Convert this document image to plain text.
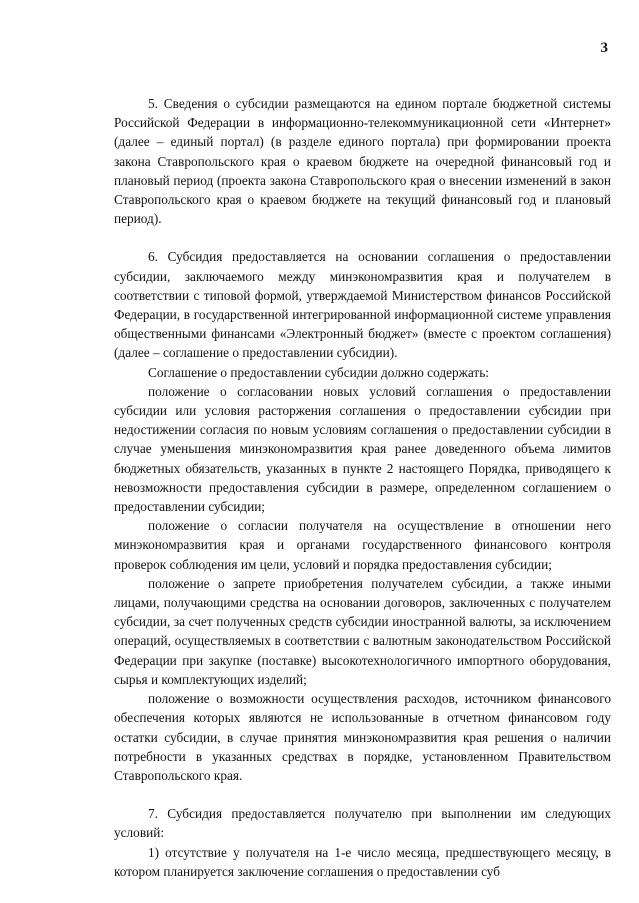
3

5. Сведения о субсидии размещаются на едином портале бюджетной системы Российской Федерации в информационно-телекоммуникационной сети «Интернет» (далее – единый портал) (в разделе единого портала) при формировании проекта закона Ставропольского края о краевом бюджете на очередной финансовый год и плановый период (проекта закона Ставропольского края о внесении изменений в закон Ставропольского края о краевом бюджете на текущий финансовый год и плановый период).

6. Субсидия предоставляется на основании соглашения о предоставлении субсидии, заключаемого между минэкономразвития края и получателем в соответствии с типовой формой, утверждаемой Министерством финансов Российской Федерации, в государственной интегрированной информационной системе управления общественными финансами «Электронный бюджет» (вместе с проектом соглашения) (далее – соглашение о предоставлении субсидии).

Соглашение о предоставлении субсидии должно содержать:

положение о согласовании новых условий соглашения о предоставлении субсидии или условия расторжения соглашения о предоставлении субсидии при недостижении согласия по новым условиям соглашения о предоставлении субсидии в случае уменьшения минэкономразвития края ранее доведенного объема лимитов бюджетных обязательств, указанных в пункте 2 настоящего Порядка, приводящего к невозможности предоставления субсидии в размере, определенном соглашением о предоставлении субсидии;

положение о согласии получателя на осуществление в отношении него минэкономразвития края и органами государственного финансового контроля проверок соблюдения им цели, условий и порядка предоставления субсидии;

положение о запрете приобретения получателем субсидии, а также иными лицами, получающими средства на основании договоров, заключенных с получателем субсидии, за счет полученных средств субсидии иностранной валюты, за исключением операций, осуществляемых в соответствии с валютным законодательством Российской Федерации при закупке (поставке) высокотехнологичного импортного оборудования, сырья и комплектующих изделий;

положение о возможности осуществления расходов, источником финансового обеспечения которых являются не использованные в отчетном финансовом году остатки субсидии, в случае принятия минэкономразвития края решения о наличии потребности в указанных средствах в порядке, установленном Правительством Ставропольского края.

7. Субсидия предоставляется получателю при выполнении им следующих условий:

1) отсутствие у получателя на 1-е число месяца, предшествующего месяцу, в котором планируется заключение соглашения о предоставлении суб
